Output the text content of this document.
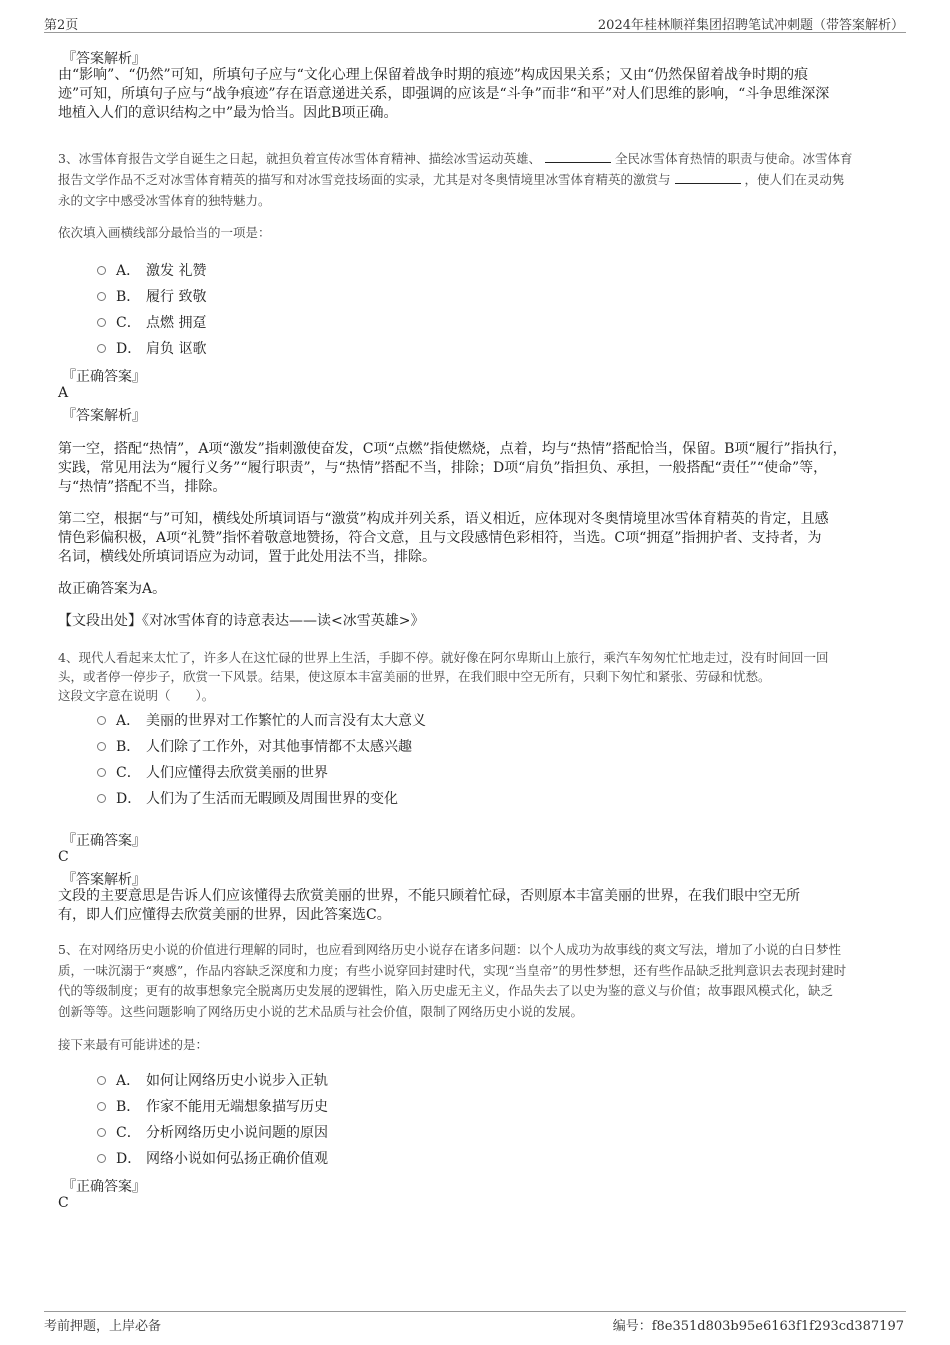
第2页	2024年桂林顺祥集团招聘笔试冲刺题（带答案解析）
『答案解析』
由“影响”、“仍然”可知，所填句子应与“文化心理上保留着战争时期的痕迹”构成因果关系；又由“仍然保留着战争时期的痕
迹”可知，所填句子应与“战争痕迹”存在语意递进关系，即强调的应该是“斗争”而非“和平”对人们思维的影响，“斗争思维深深
地植入人们的意识结构之中”最为恰当。因此B项正确。
3、冰雪体育报告文学自诞生之日起，就担负着宣传冰雪体育精神、描绘冰雪运动英雄、	全民冰雪体育热情的职责与使命。冰雪体育
报告文学作品不乏对冰雪体育精英的描写和对冰雪竞技场面的实录，尤其是对冬奥情境里冰雪体育精英的激赏与	，使人们在灵动隽
永的文字中感受冰雪体育的独特魅力。
依次填入画横线部分最恰当的一项是：
A． 激发 礼赞
B． 履行 致敬
C． 点燃 拥趸
D． 肩负 讴歌
『正确答案』
A
『答案解析』
第一空，搭配“热情”，A项“激发”指刺激使奋发，C项“点燃”指使燃烧，点着，均与“热情”搭配恰当，保留。B项“履行”指执行，
实践，常见用法为“履行义务”“履行职责”，与“热情”搭配不当，排除；D项“肩负”指担负、承担，一般搭配“责任”“使命”等，
与“热情”搭配不当，排除。
第二空，根据“与”可知，横线处所填词语与“激赏”构成并列关系，语义相近，应体现对冬奥情境里冰雪体育精英的肯定，且感
情色彩偏积极，A项“礼赞”指怀着敬意地赞扬，符合文意，且与文段感情色彩相符，当选。C项“拥趸”指拥护者、支持者，为
名词，横线处所填词语应为动词，置于此处用法不当，排除。
故正确答案为A。
【文段出处】《对冰雪体育的诗意表达——读<冰雪英雄>》
4、现代人看起来太忙了，许多人在这忙碌的世界上生活，手脚不停。就好像在阿尔卑斯山上旅行，乘汽车匆匆忙忙地走过，没有时间回一回
头，或者停一停步子，欣赏一下风景。结果，使这原本丰富美丽的世界，在我们眼中空无所有，只剩下匆忙和紧张、劳碌和忧愁。
这段文字意在说明（　　）。
A． 美丽的世界对工作繁忙的人而言没有太大意义
B． 人们除了工作外，对其他事情都不太感兴趣
C． 人们应懂得去欣赏美丽的世界
D． 人们为了生活而无暇顾及周围世界的变化
『正确答案』
C
『答案解析』
文段的主要意思是告诉人们应该懂得去欣赏美丽的世界，不能只顾着忙碌，否则原本丰富美丽的世界，在我们眼中空无所
有，即人们应懂得去欣赏美丽的世界，因此答案选C。
5、在对网络历史小说的价值进行理解的同时，也应看到网络历史小说存在诸多问题：以个人成功为故事线的爽文写法，增加了小说的白日梦性
质，一味沉溺于“爽感”，作品内容缺乏深度和力度；有些小说穿回封建时代，实现“当皇帝”的男性梦想，还有些作品缺乏批判意识去表现封建时
代的等级制度；更有的故事想象完全脱离历史发展的逻辑性，陷入历史虚无主义，作品失去了以史为鉴的意义与价值；故事跟风模式化，缺乏
创新等等。这些问题影响了网络历史小说的艺术品质与社会价值，限制了网络历史小说的发展。
接下来最有可能讲述的是：
A． 如何让网络历史小说步入正轨
B． 作家不能用无端想象描写历史
C． 分析网络历史小说问题的原因
D． 网络小说如何弘扬正确价值观
『正确答案』
C
考前押题，上岸必备	编号：f8e351d803b95e6163f1f293cd387197
